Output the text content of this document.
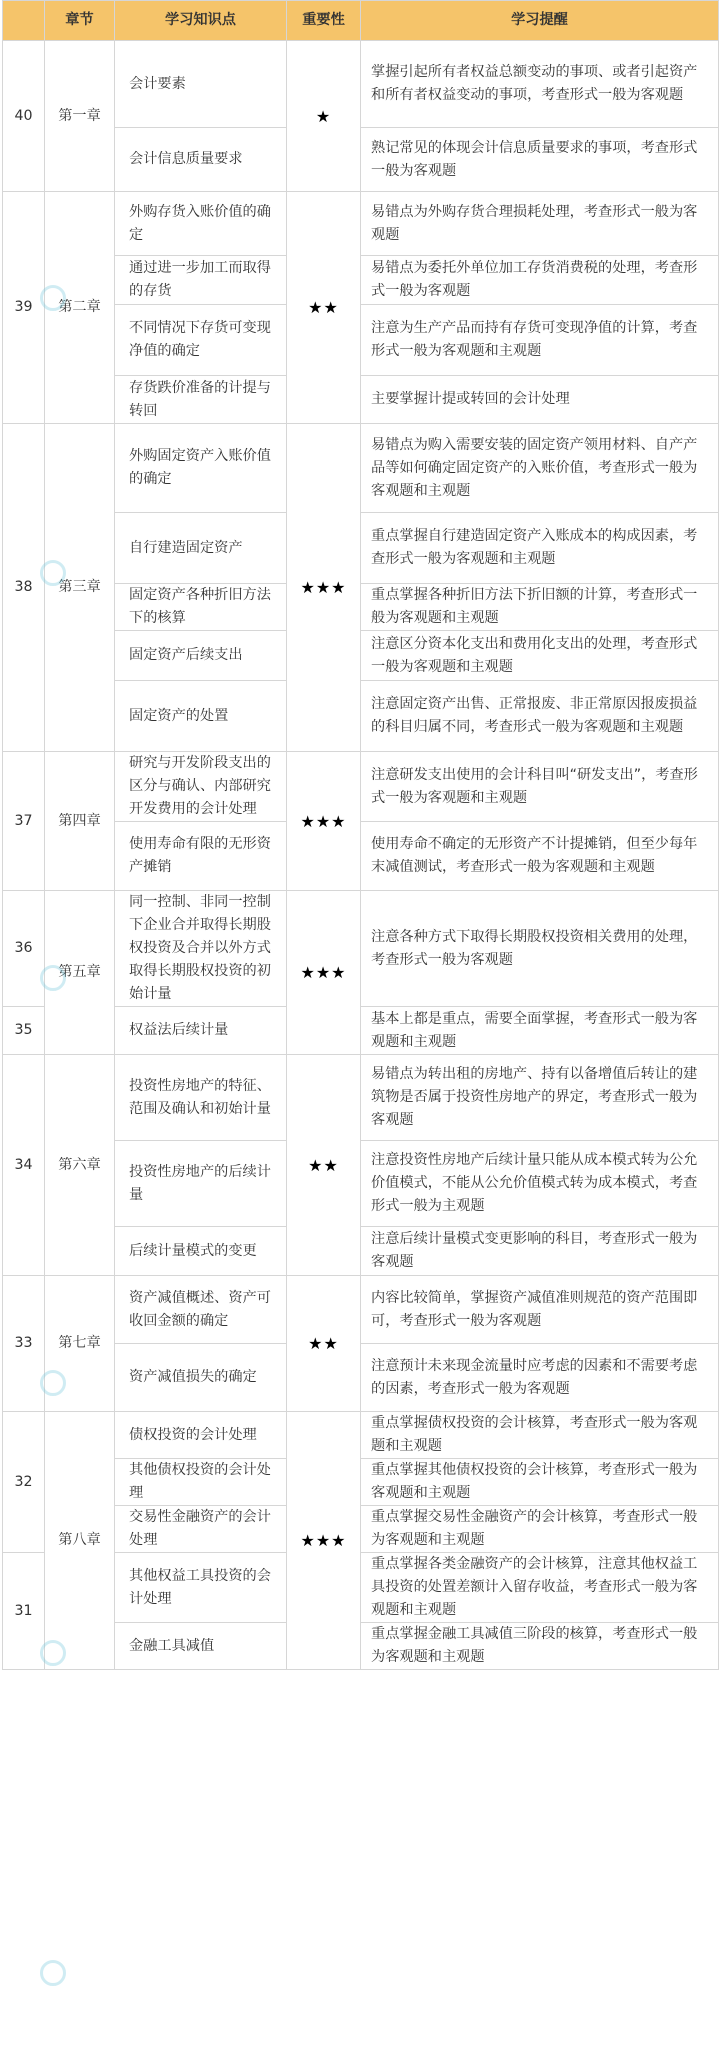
	章节	学习知识点	重要性	学习提醒
40	第一章	会计要素	★	掌握引起所有者权益总额变动的事项、或者引起资产和所有者权益变动的事项，考查形式一般为客观题
		会计信息质量要求		熟记常见的体现会计信息质量要求的事项，考查形式一般为客观题
39	第二章	外购存货入账价值的确定	★★	易错点为外购存货合理损耗处理，考查形式一般为客观题
		通过进一步加工而取得的存货		易错点为委托外单位加工存货消费税的处理，考查形式一般为客观题
		不同情况下存货可变现净值的确定		注意为生产产品而持有存货可变现净值的计算，考查形式一般为客观题和主观题
		存货跌价准备的计提与转回		主要掌握计提或转回的会计处理
38	第三章	外购固定资产入账价值的确定	★★★	易错点为购入需要安装的固定资产领用材料、自产产品等如何确定固定资产的入账价值，考查形式一般为客观题和主观题
		自行建造固定资产		重点掌握自行建造固定资产入账成本的构成因素，考查形式一般为客观题和主观题
		固定资产各种折旧方法下的核算		重点掌握各种折旧方法下折旧额的计算，考查形式一般为客观题和主观题
		固定资产后续支出		注意区分资本化支出和费用化支出的处理，考查形式一般为客观题和主观题
		固定资产的处置		注意固定资产出售、正常报废、非正常原因报废损益的科目归属不同，考查形式一般为客观题和主观题
37	第四章	研究与开发阶段支出的区分与确认、内部研究开发费用的会计处理	★★★	注意研发支出使用的会计科目叫“研发支出”，考查形式一般为客观题和主观题
		使用寿命有限的无形资产摊销		使用寿命不确定的无形资产不计提摊销，但至少每年末减值测试，考查形式一般为客观题和主观题
36	第五章	同一控制、非同一控制下企业合并取得长期股权投资及合并以外方式取得长期股权投资的初始计量	★★★	注意各种方式下取得长期股权投资相关费用的处理，考查形式一般为客观题
35		权益法后续计量		基本上都是重点，需要全面掌握，考查形式一般为客观题和主观题
34	第六章	投资性房地产的特征、范围及确认和初始计量	★★	易错点为转出租的房地产、持有以备增值后转让的建筑物是否属于投资性房地产的界定，考查形式一般为客观题
		投资性房地产的后续计量		注意投资性房地产后续计量只能从成本模式转为公允价值模式，不能从公允价值模式转为成本模式，考查形式一般为主观题
		后续计量模式的变更		注意后续计量模式变更影响的科目，考查形式一般为客观题
33	第七章	资产减值概述、资产可收回金额的确定	★★	内容比较简单，掌握资产减值准则规范的资产范围即可，考查形式一般为客观题
		资产减值损失的确定		注意预计未来现金流量时应考虑的因素和不需要考虑的因素，考查形式一般为客观题
32	第八章	债权投资的会计处理	★★★	重点掌握债权投资的会计核算，考查形式一般为客观题和主观题
		其他债权投资的会计处理		重点掌握其他债权投资的会计核算，考查形式一般为客观题和主观题
		交易性金融资产的会计处理		重点掌握交易性金融资产的会计核算，考查形式一般为客观题和主观题
31		其他权益工具投资的会计处理		重点掌握各类金融资产的会计核算，注意其他权益工具投资的处置差额计入留存收益，考查形式一般为客观题和主观题
		金融工具减值		重点掌握金融工具减值三阶段的核算，考查形式一般为客观题和主观题
